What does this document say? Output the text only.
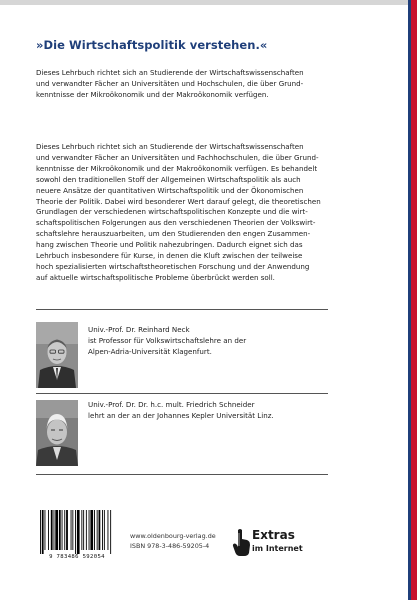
»Die Wirtschaftspolitik verstehen.«
Dieses Lehrbuch richtet sich an Studierende der Wirtschaftswissenschaften
und verwandter Fächer an Universitäten und Hochschulen, die über Grund-
kenntnisse der Mikroökonomik und der Makroökonomik verfügen.
Dieses Lehrbuch richtet sich an Studierende der Wirtschaftswissenschaften
und verwandter Fächer an Universitäten und Fachhochschulen, die über Grund-
kenntnisse der Mikroökonomik und der Makroökonomik verfügen. Es behandelt
sowohl den traditionellen Stoff der Allgemeinen Wirtschaftspolitik als auch
neuere Ansätze der quantitativen Wirtschaftspolitik und der Ökonomischen
Theorie der Politik. Dabei wird besonderer Wert darauf gelegt, die theoretischen
Grundlagen der verschiedenen wirtschaftspolitischen Konzepte und die wirt-
schaftspolitischen Folgerungen aus den verschiedenen Theorien der Volkswirt-
schaftslehre herauszuarbeiten, um den Studierenden den engen Zusammen-
hang zwischen Theorie und Politik nahezubringen. Dadurch eignet sich das
Lehrbuch insbesondere für Kurse, in denen die Kluft zwischen der teilweise
hoch spezialisierten wirtschaftstheoretischen Forschung und der Anwendung
auf aktuelle wirtschaftspolitische Probleme überbrückt werden soll.
Univ.-Prof. Dr. Reinhard Neck
ist Professor für Volkswirtschaftslehre an der
Alpen-Adria-Universität Klagenfurt.
Univ.-Prof. Dr. Dr. h.c. mult. Friedrich Schneider
lehrt an der an der Johannes Kepler Universität Linz.
9 783486 592054
www.oldenbourg-verlag.de
ISBN 978-3-486-59205-4
Extras
im Internet
